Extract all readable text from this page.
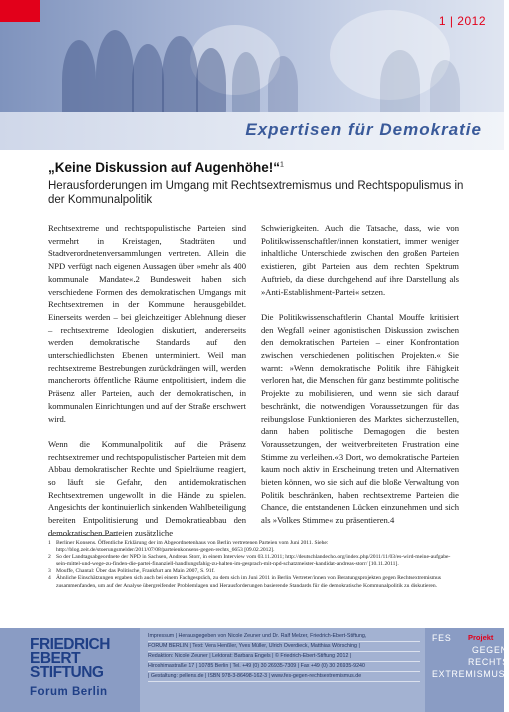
1 | 2012
Expertisen für Demokratie
„Keine Diskussion auf Augenhöhe!“$^1$
Herausforderungen im Umgang mit Rechtsextremismus und Rechtspopulismus in der Kommunalpolitik

Rechtsextreme und rechtspopulistische Parteien sind vermehrt in Kreistagen, Stadträten und Stadtverordnetenversammlungen vertreten. Allein die NPD verfügt nach eigenen Aussagen über »mehr als 400 kommunale Mandate«.2 Bundesweit haben sich verschiedene Formen des demokratischen Umgangs mit Rechtsextremen in der Kommune herausgebildet. Einerseits werden – bei gleichzeitiger Ablehnung dieser – rechtsextreme Ideologien diskutiert, andererseits werden demokratische Standards auf den unterschiedlichsten Ebenen unterminiert. Weil man rechtsextreme Bestrebungen zurückdrängen will, werden mancherorts öffentliche Räume entpolitisiert, indem die Präsenz aller Parteien, auch der demokratischen, in kommunalen Einrichtungen und auf der Straße erschwert wird.

Wenn die Kommunalpolitik auf die Präsenz rechtsextremer und rechtspopulistischer Parteien mit dem Abbau demokratischer Rechte und Spielräume reagiert, so läuft sie Gefahr, den antidemokratischen Rechtsextremen ungewollt in die Hände zu spielen. Angesichts der kontinuierlich sinkenden Wahlbeteiligung bereiten Entpolitisierung und Demokratieabbau den demokratischen Parteien zusätzliche

Schwierigkeiten. Auch die Tatsache, dass, wie von Politikwissenschaftler/innen konstatiert, immer weniger inhaltliche Unterschiede zwischen den großen Parteien existieren, gibt Parteien aus dem rechten Spektrum Auftrieb, da diese durchgehend auf ihre Darstellung als »Anti-Establishment-Partei« setzen.

Die Politikwissenschaftlerin Chantal Mouffe kritisiert den Wegfall »einer agonistischen Diskussion zwischen den demokratischen Parteien – einer Konfrontation zwischen verschiedenen politischen Projekten.« Sie warnt: »Wenn demokratische Politik ihre Fähigkeit verloren hat, die Menschen für ganz bestimmte politische Projekte zu mobilisieren, und wenn sie sich darauf beschränkt, die notwendigen Voraussetzungen für das reibungslose Funktionieren des Marktes sicherzustellen, dann haben politische Demagogen die besten Voraussetzungen, der weitverbreiteten Frustration eine Stimme zu verleihen.«3 Dort, wo demokratische Parteien kaum noch aktiv in Erscheinung treten und Alternativen bieten können, wo sie sich auf die bloße Verwaltung von Politik beschränken, haben rechtsextreme Parteien die Chance, die entstandenen Lücken einzunehmen und sich als »Volkes Stimme« zu präsentieren.4

1 Berliner Konsens. Öffentliche Erklärung der im Abgeordnetenhaus von Berlin vertretenen Parteien vom Juni 2011. Siehe: http://blog.zeit.de/stoerungsmelder/2011/07/08/parteienkonsens-gegen-rechts_6653 [09.02.2012].
2 So der Landtagsabgeordnete der NPD in Sachsen, Andreas Storr, in einem Interview vom 03.11.2011; http://deutschlandecho.org/index.php/2011/11/03/es-wird-meine-aufgabe-sein-mittel-und-wege-zu-finden-die-partei-finanziell-handlungsfahig-zu-halten-im-gesprach-mit-npd-schatzmeister-kandidat-andreas-storr/ [10.11.2011].
3 Mouffe, Chantal: Über das Politische, Frankfurt am Main 2007, S. 91f.
4 Ähnliche Einschätzungen ergaben sich auch bei einem Fachgespräch, zu dem sich im Juni 2011 in Berlin Vertreter/innen von Beratungsprojekten gegen Rechtsextremismus zusammenfanden, um auf der Analyse übergreifender Problemlagen und Herausforderungen basierende Standards für die demokratische Kommunalpolitik zu diskutieren.
FRIEDRICH
EBERT
STIFTUNG
Forum Berlin
Impressum | Herausgegeben von Nicole Zeuner und Dr. Ralf Melzer, Friedrich-Ebert-Stiftung,
FORUM BERLIN | Text: Vera Henßler, Yves Müller, Ulrich Overdieck, Matthias Wörsching |
Redaktion: Nicole Zeuner | Lektorat: Barbara Engels | © Friedrich-Ebert-Stiftung 2012 |
Hiroshimastraße 17 | 10785 Berlin | Tel. +49 (0) 30 26935-7309 | Fax +49 (0) 30 26935-9240
| Gestaltung: pellens.de | ISBN 978-3-86498-162-3 | www.fes-gegen-rechtsextremismus.de
FES Projekt
GEGEN
RECHTS
EXTREMISMUS
